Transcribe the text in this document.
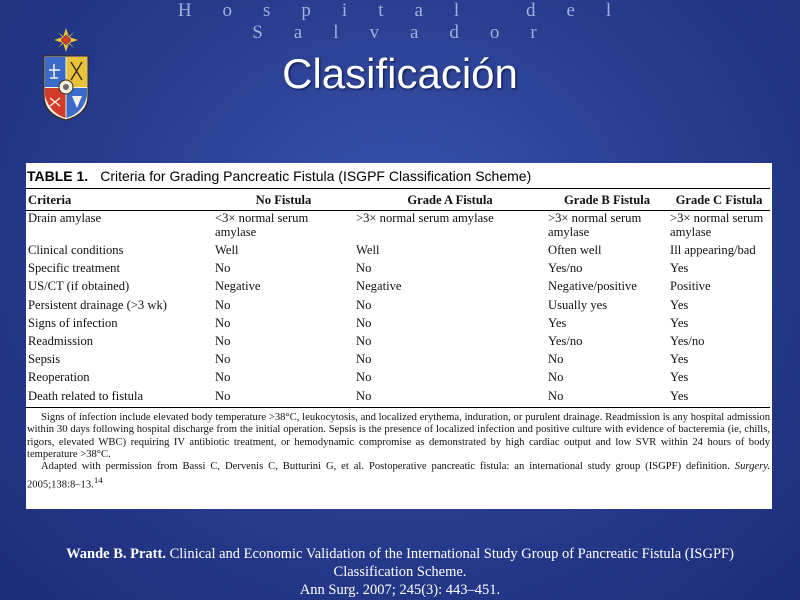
Hospital del Salvador
Clasificación
TABLE 1. Criteria for Grading Pancreatic Fistula (ISGPF Classification Scheme)
Criteria	No Fistula	Grade A Fistula	Grade B Fistula	Grade C Fistula
Drain amylase	<3× normal serum amylase	>3× normal serum amylase	>3× normal serum amylase	>3× normal serum amylase
Clinical conditions	Well	Well	Often well	Ill appearing/bad
Specific treatment	No	No	Yes/no	Yes
US/CT (if obtained)	Negative	Negative	Negative/positive	Positive
Persistent drainage (>3 wk)	No	No	Usually yes	Yes
Signs of infection	No	No	Yes	Yes
Readmission	No	No	Yes/no	Yes/no
Sepsis	No	No	No	Yes
Reoperation	No	No	No	Yes
Death related to fistula	No	No	No	Yes

Signs of infection include elevated body temperature >38°C, leukocytosis, and localized erythema, induration, or purulent drainage. Readmission is any hospital admission within 30 days following hospital discharge from the initial operation. Sepsis is the presence of localized infection and positive culture with evidence of bacteremia (ie, chills, rigors, elevated WBC) requiring IV antibiotic treatment, or hemodynamic compromise as demonstrated by high cardiac output and low SVR within 24 hours of body temperature >38°C.

Adapted with permission from Bassi C, Dervenis C, Butturini G, et al. Postoperative pancreatic fistula: an international study group (ISGPF) definition. Surgery. 2005;138:8–13.14

Wande B. Pratt. Clinical and Economic Validation of the International Study Group of Pancreatic Fistula (ISGPF)
Classification Scheme.
Ann Surg. 2007; 245(3): 443–451.
